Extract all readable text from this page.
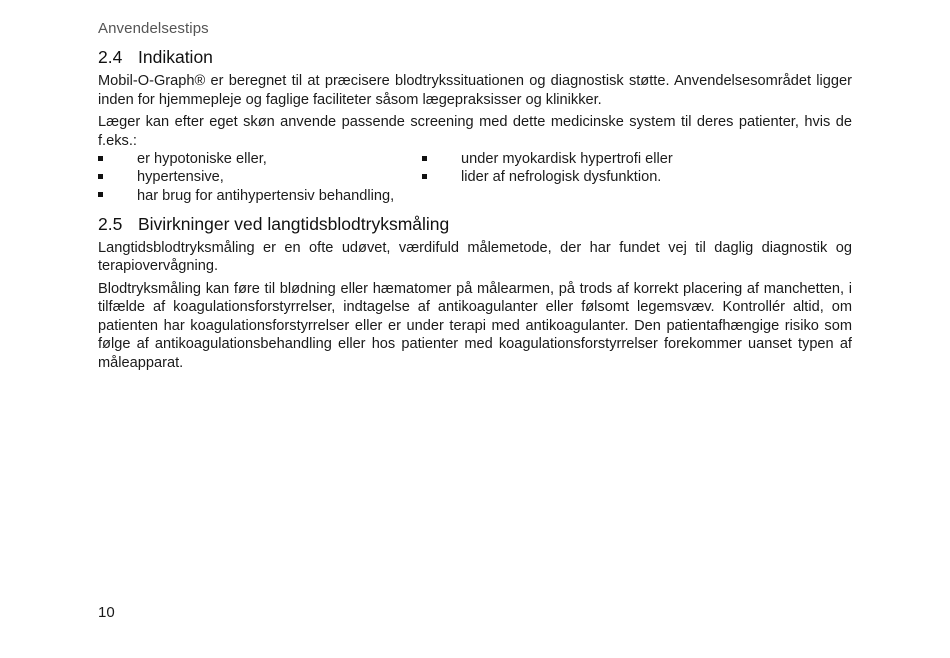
Anvendelsestips
2.4 Indikation

Mobil-O-Graph® er beregnet til at præcisere blodtrykssituationen og diagnostisk støtte. Anvendelsesområdet ligger inden for hjemmepleje og faglige faciliteter såsom lægepraksisser og klinikker.

Læger kan efter eget skøn anvende passende screening med dette medicinske system til deres patienter, hvis de f.eks.:

er hypotoniske eller,
hypertensive,
har brug for antihypertensiv behandling,
under myokardisk hypertrofi eller
lider af nefrologisk dysfunktion.
2.5 Bivirkninger ved langtidsblodtryksmåling

Langtidsblodtryksmåling er en ofte udøvet, værdifuld målemetode, der har fundet vej til daglig diagnostik og terapiovervågning.

Blodtryksmåling kan føre til blødning eller hæmatomer på målearmen, på trods af korrekt placering af manchetten, i tilfælde af koagulationsforstyrrelser, indtagelse af antikoagulanter eller følsomt legemsvæv. Kontrollér altid, om patienten har koagulationsforstyrrelser eller er under terapi med antikoagulanter. Den patientafhængige risiko som følge af antikoagulationsbehandling eller hos patienter med koagulationsforstyrrelser forekommer uanset typen af måleapparat.

10
